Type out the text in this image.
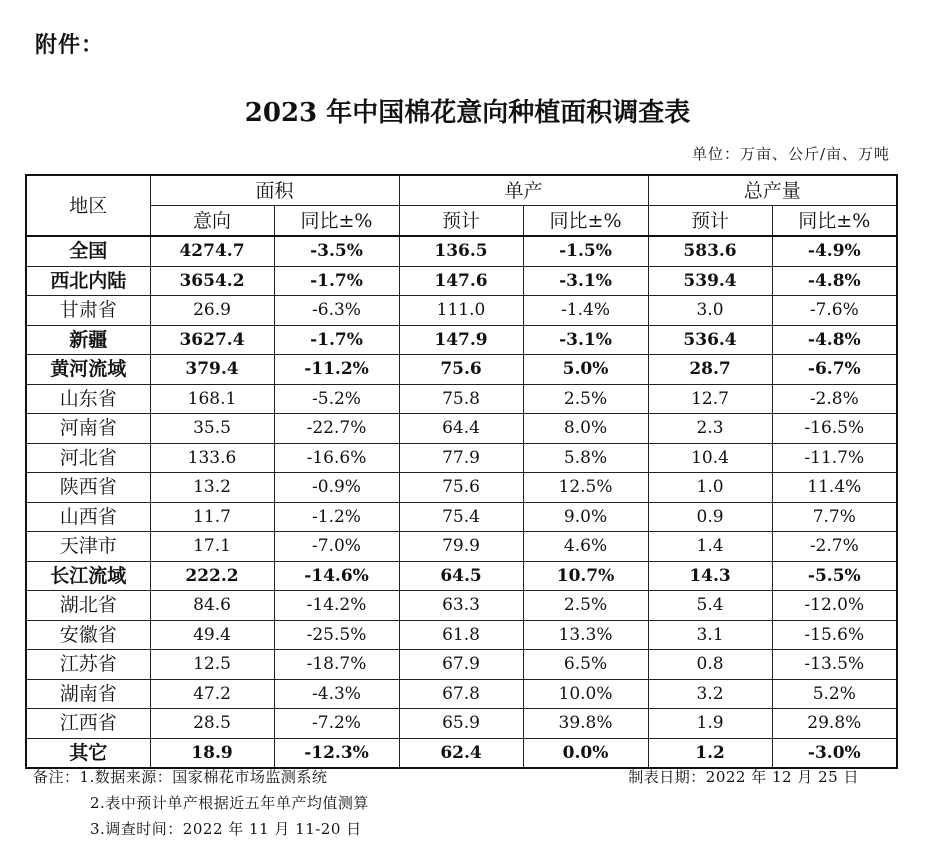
附件：
2023 年中国棉花意向种植面积调查表
单位：万亩、公斤/亩、万吨
地区	面积		单产		总产量	
	意向	同比±%	预计	同比±%	预计	同比±%
全国	4274.7	-3.5%	136.5	-1.5%	583.6	-4.9%
西北内陆	3654.2	-1.7%	147.6	-3.1%	539.4	-4.8%
甘肃省	26.9	-6.3%	111.0	-1.4%	3.0	-7.6%
新疆	3627.4	-1.7%	147.9	-3.1%	536.4	-4.8%
黄河流域	379.4	-11.2%	75.6	5.0%	28.7	-6.7%
山东省	168.1	-5.2%	75.8	2.5%	12.7	-2.8%
河南省	35.5	-22.7%	64.4	8.0%	2.3	-16.5%
河北省	133.6	-16.6%	77.9	5.8%	10.4	-11.7%
陕西省	13.2	-0.9%	75.6	12.5%	1.0	11.4%
山西省	11.7	-1.2%	75.4	9.0%	0.9	7.7%
天津市	17.1	-7.0%	79.9	4.6%	1.4	-2.7%
长江流域	222.2	-14.6%	64.5	10.7%	14.3	-5.5%
湖北省	84.6	-14.2%	63.3	2.5%	5.4	-12.0%
安徽省	49.4	-25.5%	61.8	13.3%	3.1	-15.6%
江苏省	12.5	-18.7%	67.9	6.5%	0.8	-13.5%
湖南省	47.2	-4.3%	67.8	10.0%	3.2	5.2%
江西省	28.5	-7.2%	65.9	39.8%	1.9	29.8%
其它	18.9	-12.3%	62.4	0.0%	1.2	-3.0%
备注：1.数据来源：国家棉花市场监测系统
2.表中预计单产根据近五年单产均值测算
3.调查时间：2022 年 11 月 11-20 日
制表日期：2022 年 12 月 25 日
